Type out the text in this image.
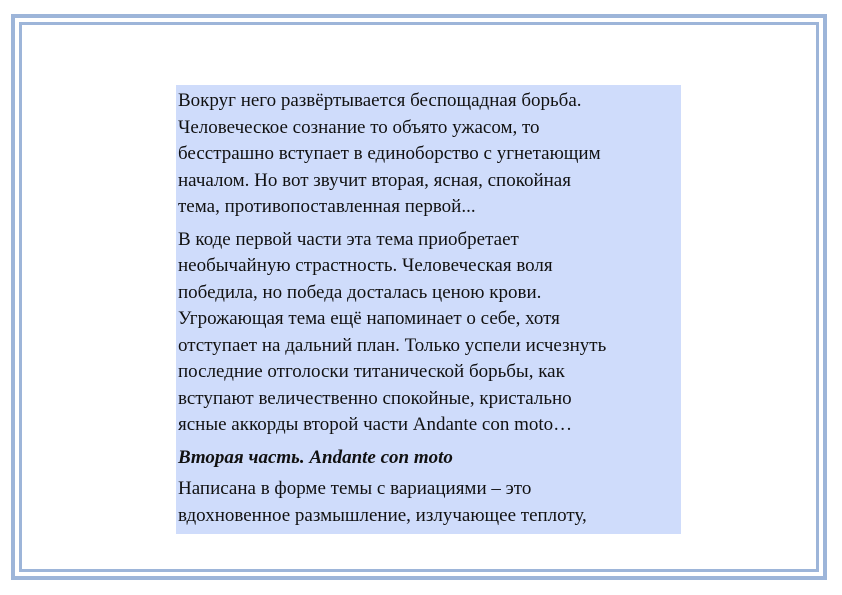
Вокруг него развёртывается беспощадная борьба.
Человеческое сознание то объято ужасом, то
бесстрашно вступает в единоборство с угнетающим
началом. Но вот звучит вторая, ясная, спокойная
тема, противопоставленная первой...
В коде первой части эта тема приобретает
необычайную страстность. Человеческая воля
победила, но победа досталась ценою крови.
Угрожающая тема ещё напоминает о себе, хотя
отступает на дальний план. Только успели исчезнуть
последние отголоски титанической борьбы, как
вступают величественно спокойные, кристально
ясные аккорды второй части Andante con moto…
Вторая часть. Andante con moto
Написана в форме темы с вариациями – это
вдохновенное размышление, излучающее теплоту,
